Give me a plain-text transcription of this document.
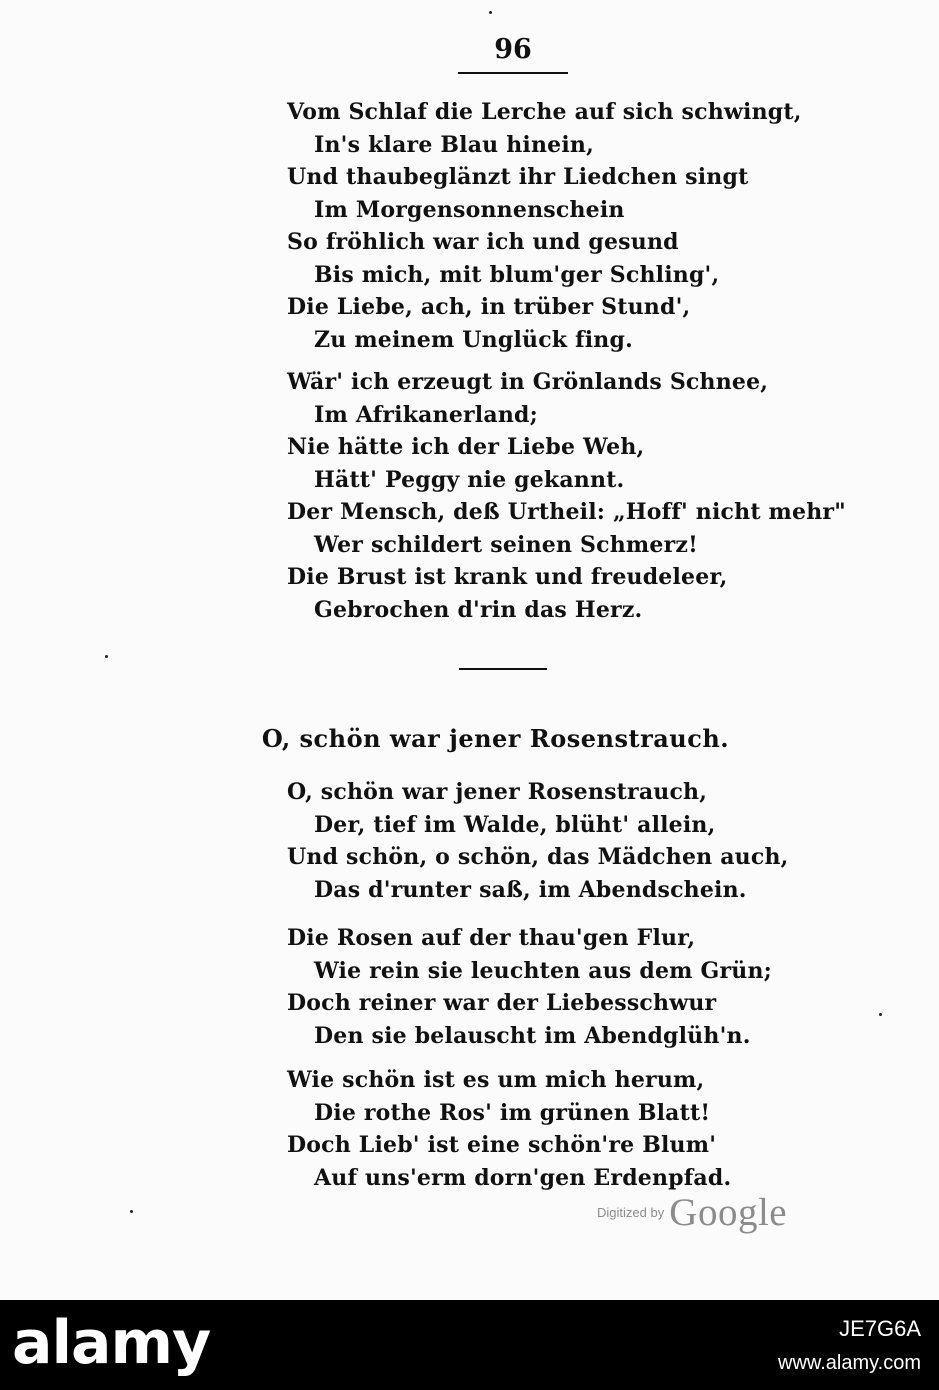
96
Vom Schlaf die Lerche auf sich schwingt,
In's klare Blau hinein,
Und thaubeglänzt ihr Liedchen singt
Im Morgensonnenschein
So fröhlich war ich und gesund
Bis mich, mit blum'ger Schling',
Die Liebe, ach, in trüber Stund',
Zu meinem Unglück fing.
Wär' ich erzeugt in Grönlands Schnee,
Im Afrikanerland;
Nie hätte ich der Liebe Weh,
Hätt' Peggy nie gekannt.
Der Mensch, deß Urtheil: „Hoff' nicht mehr"
Wer schildert seinen Schmerz!
Die Brust ist krank und freudeleer,
Gebrochen d'rin das Herz.
O, schön war jener Rosenstrauch.
O, schön war jener Rosenstrauch,
Der, tief im Walde, blüht' allein,
Und schön, o schön, das Mädchen auch,
Das d'runter saß, im Abendschein.
Die Rosen auf der thau'gen Flur,
Wie rein sie leuchten aus dem Grün;
Doch reiner war der Liebesschwur
Den sie belauscht im Abendglüh'n.
Wie schön ist es um mich herum,
Die rothe Ros' im grünen Blatt!
Doch Lieb' ist eine schön're Blum'
Auf uns'erm dorn'gen Erdenpfad.
$^{Digitized by}$ Google
alamy	JE7G6A
www.alamy.com
